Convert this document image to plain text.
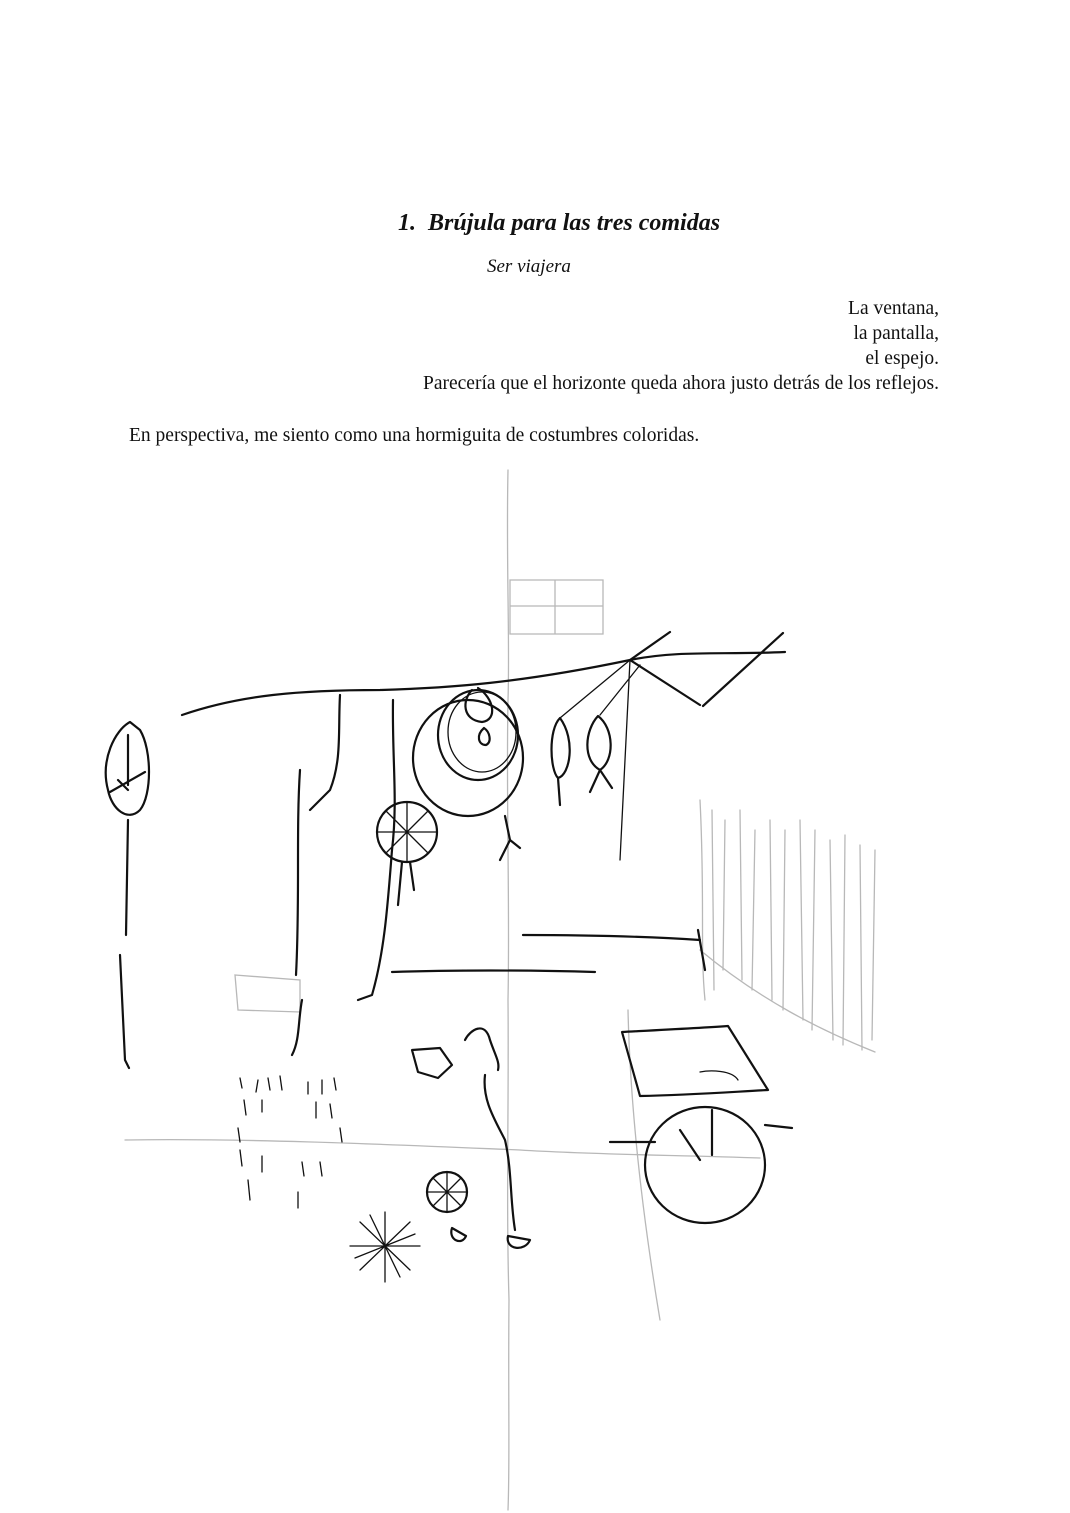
1. Brújula para las tres comidas
Ser viajera
La ventana,
la pantalla,
el espejo.
Parecería que el horizonte queda ahora justo detrás de los reflejos.
En perspectiva, me siento como una hormiguita de costumbres coloridas.
